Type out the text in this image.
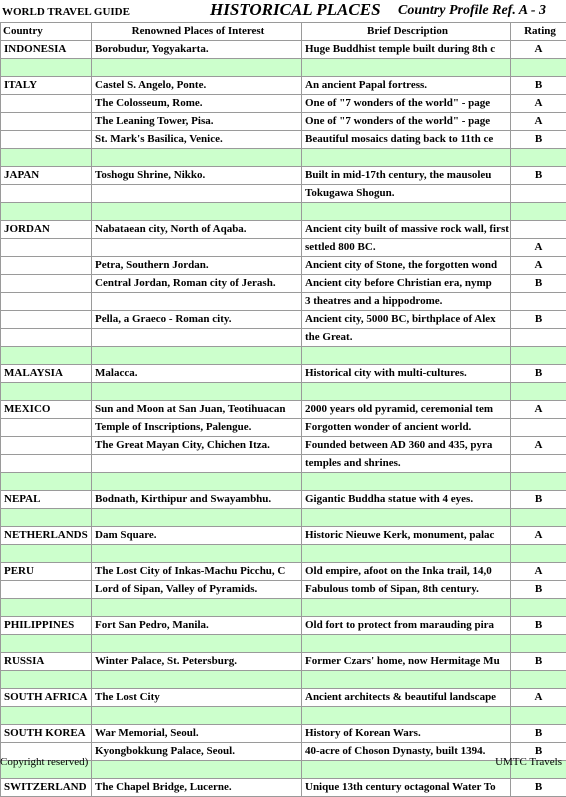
WORLD TRAVEL GUIDE	HISTORICAL PLACES Country Profile Ref. A - 3
Country	Renowned Places of Interest	Brief Description	Rating
INDONESIA	Borobudur, Yogyakarta.	Huge Buddhist temple built during 8th c	A

ITALY	Castel S. Angelo, Ponte.	An ancient Papal fortress.	B
	The Colosseum, Rome.	One of "7 wonders of the world" - page	A
	The Leaning Tower, Pisa.	One of "7 wonders of the world" - page	A
	St. Mark's Basilica, Venice.	Beautiful mosaics dating back to 11th ce	B

JAPAN	Toshogu Shrine, Nikko.	Built in mid-17th century, the mausoleu	B
		Tokugawa Shogun.	

JORDAN	Nabataean city, North of Aqaba.	Ancient city built of massive rock wall, first	
		settled 800 BC.	A
	Petra, Southern Jordan.	Ancient city of Stone, the forgotten wond	A
	Central Jordan, Roman city of Jerash.	Ancient city before Christian era, nymp	B
		3 theatres and a hippodrome.	
	Pella, a Graeco - Roman city.	Ancient city, 5000 BC, birthplace of Alex	B
		the Great.	

MALAYSIA	Malacca.	Historical city with multi-cultures.	B

MEXICO	Sun and Moon at San Juan, Teotihuacan	2000 years old pyramid, ceremonial tem	A
	Temple of Inscriptions, Palengue.	Forgotten wonder of ancient world.	
	The Great Mayan City, Chichen Itza.	Founded between AD 360 and 435, pyra	A
		temples and shrines.	

NEPAL	Bodnath, Kirthipur and Swayambhu.	Gigantic Buddha statue with 4 eyes.	B

NETHERLANDS	Dam Square.	Historic Nieuwe Kerk, monument, palac	A

PERU	The Lost City of Inkas-Machu Picchu, C	Old empire, afoot on the Inka trail, 14,0	A
	Lord of Sipan, Valley of Pyramids.	Fabulous tomb of Sipan, 8th century.	B

PHILIPPINES	Fort San Pedro, Manila.	Old fort to protect from marauding pira	B

RUSSIA	Winter Palace, St. Petersburg.	Former Czars' home, now Hermitage Mu	B

SOUTH AFRICA	The Lost City	Ancient architects & beautiful landscape	A

SOUTH KOREA	War Memorial, Seoul.	History of Korean Wars.	B
	Kyongbokkung Palace, Seoul.	40-acre of Choson Dynasty, built 1394.	B

SWITZERLAND	The Chapel Bridge, Lucerne.	Unique 13th century octagonal Water To	B
Copyright reserved)	UMTC Travels
